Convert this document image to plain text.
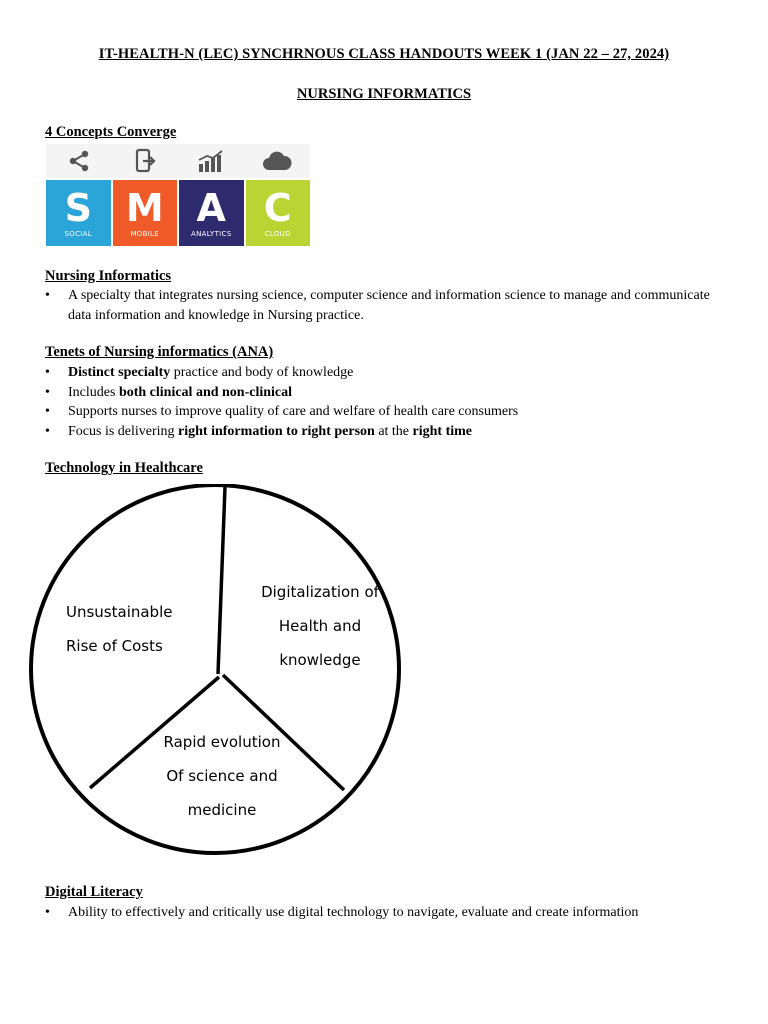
IT-HEALTH-N (LEC) SYNCHRNOUS CLASS HANDOUTS WEEK 1 (JAN 22 – 27, 2024)
NURSING INFORMATICS
4 Concepts Converge
S
SOCIAL
M
MOBILE
A
ANALYTICS
C
CLOUD
Nursing Informatics
• A specialty that integrates nursing science, computer science and information science to manage and communicate data information and knowledge in Nursing practice.
Tenets of Nursing informatics (ANA)
• Distinct specialty practice and body of knowledge
• Includes both clinical and non-clinical
• Supports nurses to improve quality of care and welfare of health care consumers
• Focus is delivering right information to right person at the right time
Technology in Healthcare
Unsustainable
Rise of Costs
Digitalization of
Health and
knowledge
Rapid evolution
Of science and
medicine
Digital Literacy
• Ability to effectively and critically use digital technology to navigate, evaluate and create information
